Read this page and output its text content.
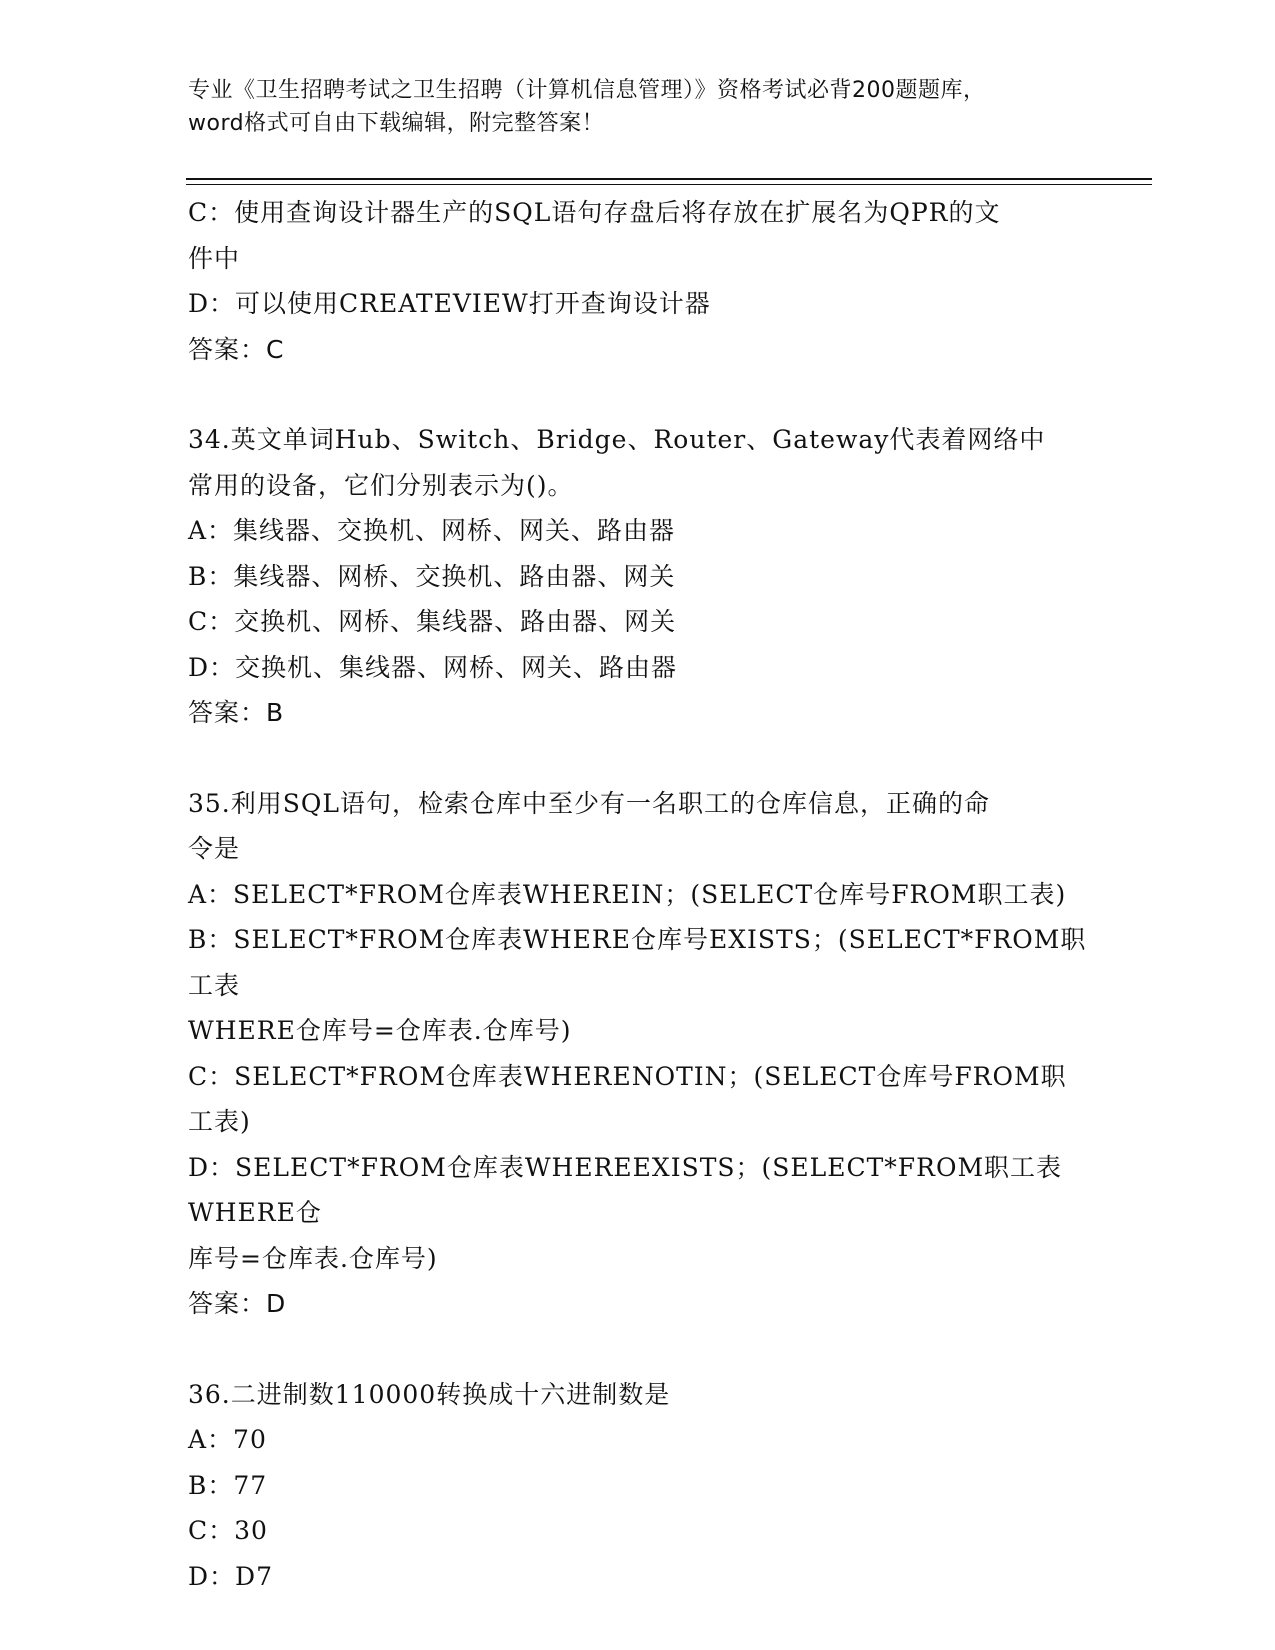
专业《卫生招聘考试之卫生招聘（计算机信息管理）》资格考试必背200题题库，
word格式可自由下载编辑，附完整答案！

C：使用查询设计器生产的SQL语句存盘后将存放在扩展名为QPR的文

件中

D：可以使用CREATEVIEW打开查询设计器

答案：C

34.英文单词Hub、Switch、Bridge、Router、Gateway代表着网络中

常用的设备，它们分别表示为()。

A：集线器、交换机、网桥、网关、路由器

B：集线器、网桥、交换机、路由器、网关

C：交换机、网桥、集线器、路由器、网关

D：交换机、集线器、网桥、网关、路由器

答案：B

35.利用SQL语句，检索仓库中至少有一名职工的仓库信息，正确的命

令是

A：SELECT*FROM仓库表WHEREIN；(SELECT仓库号FROM职工表)

B：SELECT*FROM仓库表WHERE仓库号EXISTS；(SELECT*FROM职工表

WHERE仓库号=仓库表.仓库号)

C：SELECT*FROM仓库表WHERENOTIN；(SELECT仓库号FROM职工表)

D：SELECT*FROM仓库表WHEREEXISTS；(SELECT*FROM职工表WHERE仓

库号=仓库表.仓库号)

答案：D

36.二进制数110000转换成十六进制数是

A：70

B：77

C：30

D：D7
